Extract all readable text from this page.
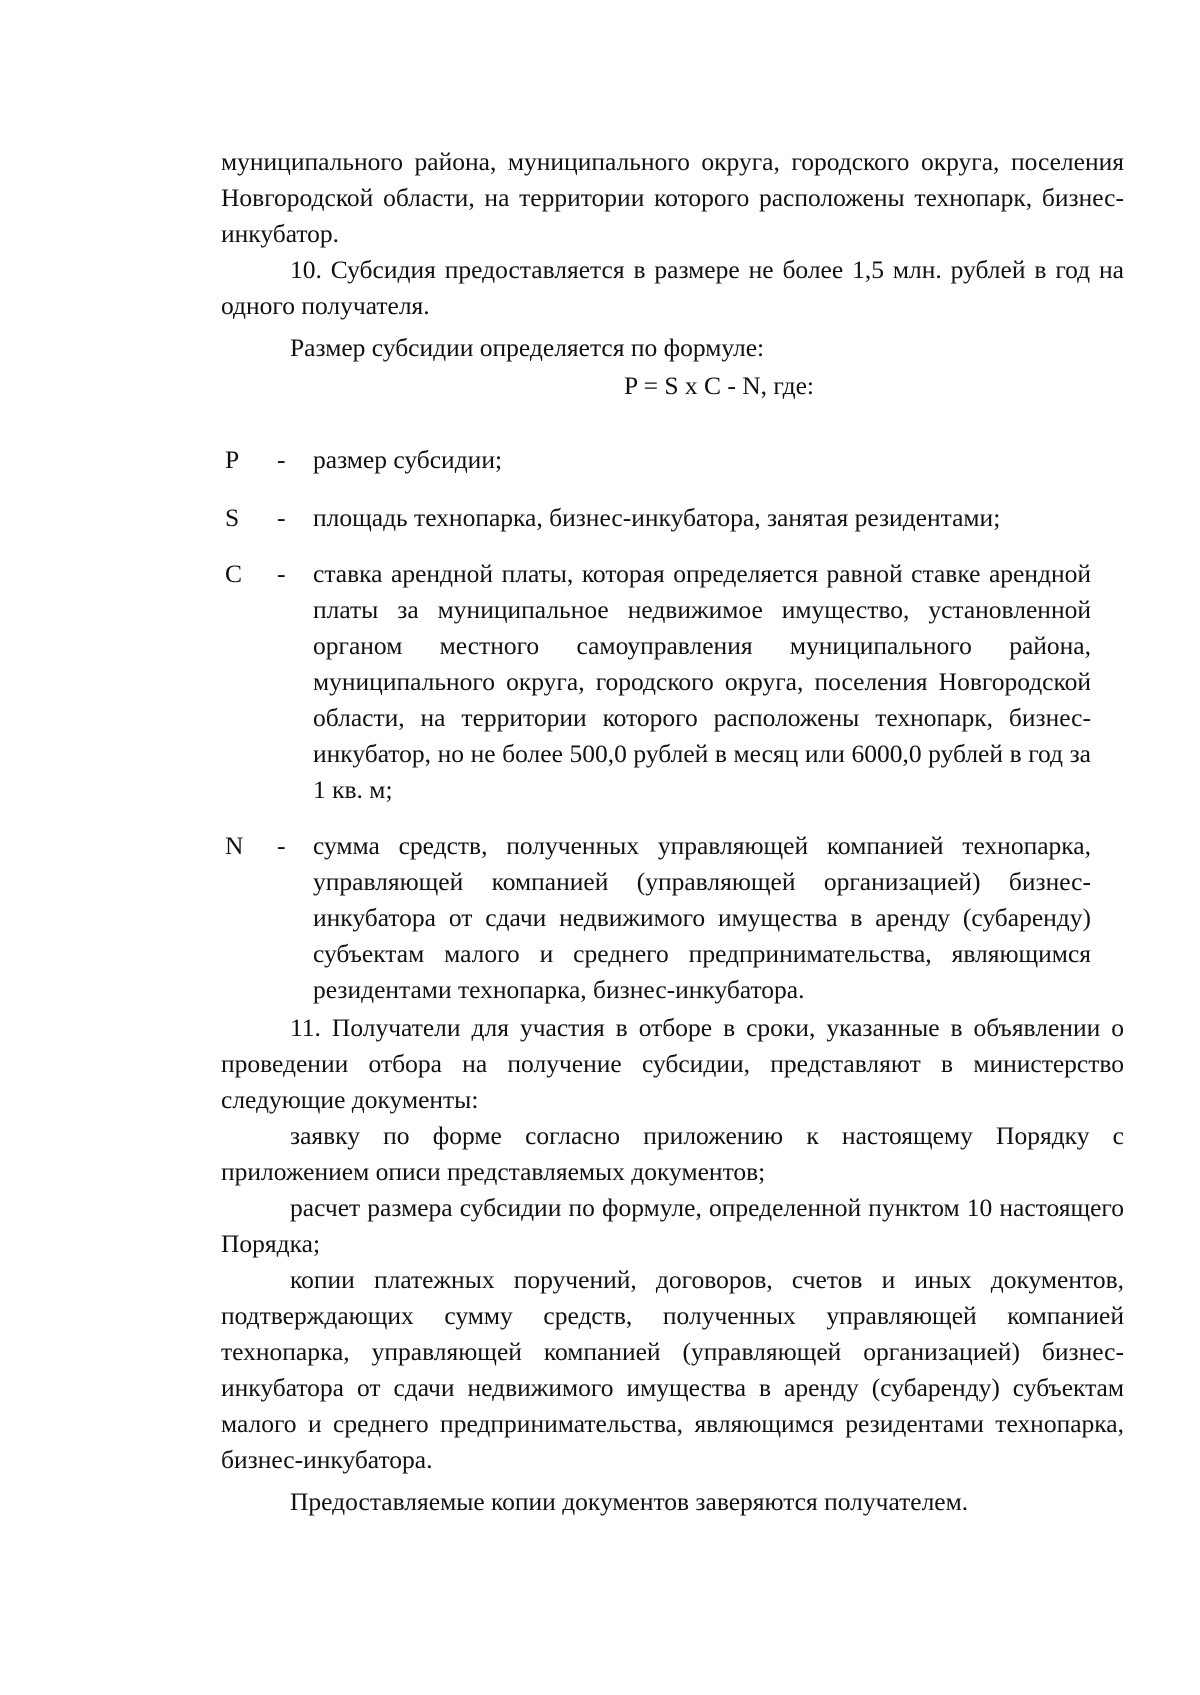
муниципального района, муниципального округа, городского округа, поселения Новгородской области, на территории которого расположены технопарк, бизнес-инкубатор.

10. Субсидия предоставляется в размере не более 1,5 млн. рублей в год на одного получателя.

Размер субсидии определяется по формуле:

P = S x C - N, где:
P	- размер субсидии;
S	- площадь технопарка, бизнес-инкубатора, занятая резидентами;
C	- ставка арендной платы, которая определяется равной ставке арендной платы за муниципальное недвижимое имущество, установленной органом местного самоуправления муниципального района, муниципального округа, городского округа, поселения Новгородской области, на территории которого расположены технопарк, бизнес-инкубатор, но не более 500,0 рублей в месяц или 6000,0 рублей в год за 1 кв. м;
N	- сумма средств, полученных управляющей компанией технопарка, управляющей компанией (управляющей организацией) бизнес-инкубатора от сдачи недвижимого имущества в аренду (субаренду) субъектам малого и среднего предпринимательства, являющимся резидентами технопарка, бизнес-инкубатора.

11. Получатели для участия в отборе в сроки, указанные в объявлении о проведении отбора на получение субсидии, представляют в министерство следующие документы:

заявку по форме согласно приложению к настоящему Порядку с приложением описи представляемых документов;

расчет размера субсидии по формуле, определенной пунктом 10 настоящего Порядка;

копии платежных поручений, договоров, счетов и иных документов, подтверждающих сумму средств, полученных управляющей компанией технопарка, управляющей компанией (управляющей организацией) бизнес-инкубатора от сдачи недвижимого имущества в аренду (субаренду) субъектам малого и среднего предпринимательства, являющимся резидентами технопарка, бизнес-инкубатора.

Предоставляемые копии документов заверяются получателем.
